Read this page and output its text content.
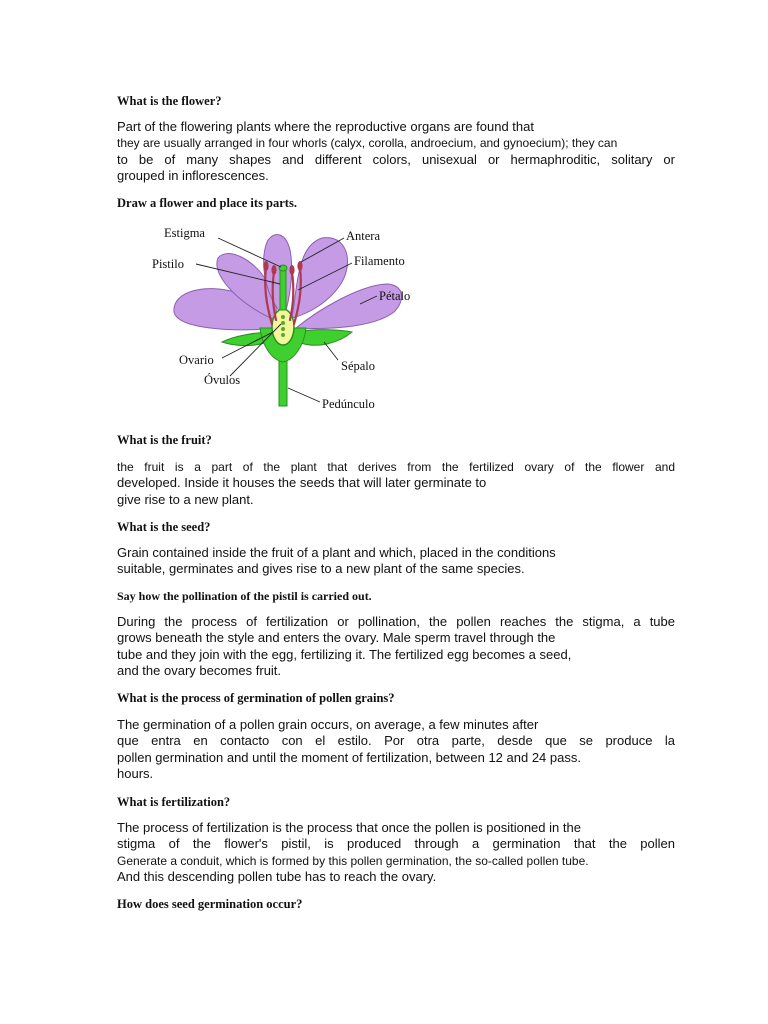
What is the flower?
Part of the flowering plants where the reproductive organs are found that
they are usually arranged in four whorls (calyx, corolla, androecium, and gynoecium); they can
to be of many shapes and different colors, unisexual or hermaphroditic, solitary or
grouped in inflorescences.
Draw a flower and place its parts.
What is the fruit?
the fruit is a part of the plant that derives from the fertilized ovary of the flower and
developed. Inside it houses the seeds that will later germinate to
give rise to a new plant.
What is the seed?
Grain contained inside the fruit of a plant and which, placed in the conditions
suitable, germinates and gives rise to a new plant of the same species.
Say how the pollination of the pistil is carried out.
During the process of fertilization or pollination, the pollen reaches the stigma, a tube
grows beneath the style and enters the ovary. Male sperm travel through the
tube and they join with the egg, fertilizing it. The fertilized egg becomes a seed,
and the ovary becomes fruit.
What is the process of germination of pollen grains?
The germination of a pollen grain occurs, on average, a few minutes after
que entra en contacto con el estilo. Por otra parte, desde que se produce la
pollen germination and until the moment of fertilization, between 12 and 24 pass.
hours.
What is fertilization?
The process of fertilization is the process that once the pollen is positioned in the
stigma of the flower's pistil, is produced through a germination that the pollen
Generate a conduit, which is formed by this pollen germination, the so-called pollen tube.
And this descending pollen tube has to reach the ovary.
How does seed germination occur?
Estigma	Antera
Pistilo	Filamento
Pétalo
Ovario	Sépalo
Óvulos
Pedúnculo
